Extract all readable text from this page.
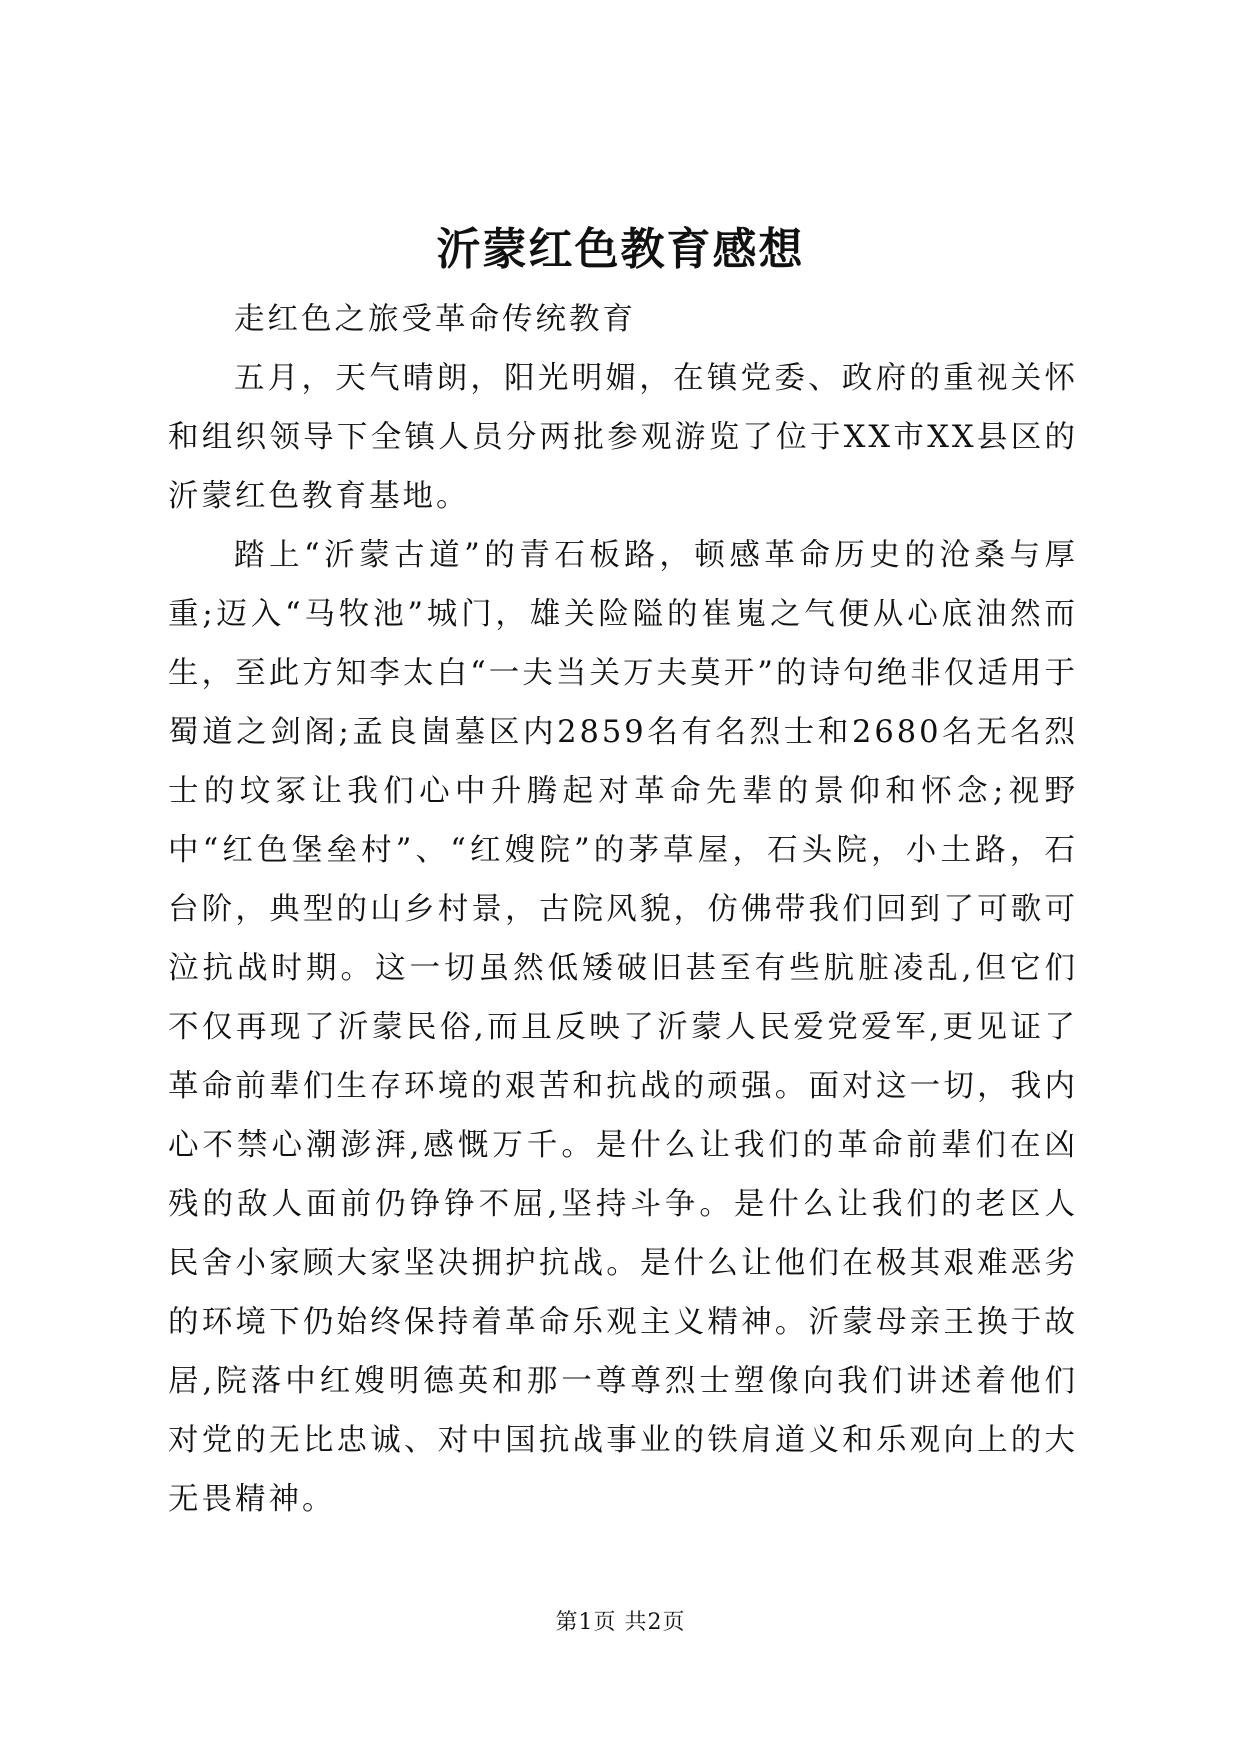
沂蒙红色教育感想

走红色之旅受革命传统教育

五月，天气晴朗，阳光明媚，在镇党委、政府的重视关怀和组织领导下全镇人员分两批参观游览了位于XX市XX县区的沂蒙红色教育基地。

踏上“沂蒙古道”的青石板路，顿感革命历史的沧桑与厚重;迈入“马牧池”城门，雄关险隘的崔嵬之气便从心底油然而生，至此方知李太白“一夫当关万夫莫开”的诗句绝非仅适用于蜀道之剑阁;孟良崮墓区内2859名有名烈士和2680名无名烈士的坟冢让我们心中升腾起对革命先辈的景仰和怀念;视野中“红色堡垒村”、“红嫂院”的茅草屋，石头院，小土路，石台阶，典型的山乡村景，古院风貌，仿佛带我们回到了可歌可泣抗战时期。这一切虽然低矮破旧甚至有些肮脏凌乱,但它们不仅再现了沂蒙民俗,而且反映了沂蒙人民爱党爱军,更见证了革命前辈们生存环境的艰苦和抗战的顽强。面对这一切，我内心不禁心潮澎湃,感慨万千。是什么让我们的革命前辈们在凶残的敌人面前仍铮铮不屈,坚持斗争。是什么让我们的老区人民舍小家顾大家坚决拥护抗战。是什么让他们在极其艰难恶劣的环境下仍始终保持着革命乐观主义精神。沂蒙母亲王换于故居,院落中红嫂明德英和那一尊尊烈士塑像向我们讲述着他们对党的无比忠诚、对中国抗战事业的铁肩道义和乐观向上的大无畏精神。

第1页 共2页
